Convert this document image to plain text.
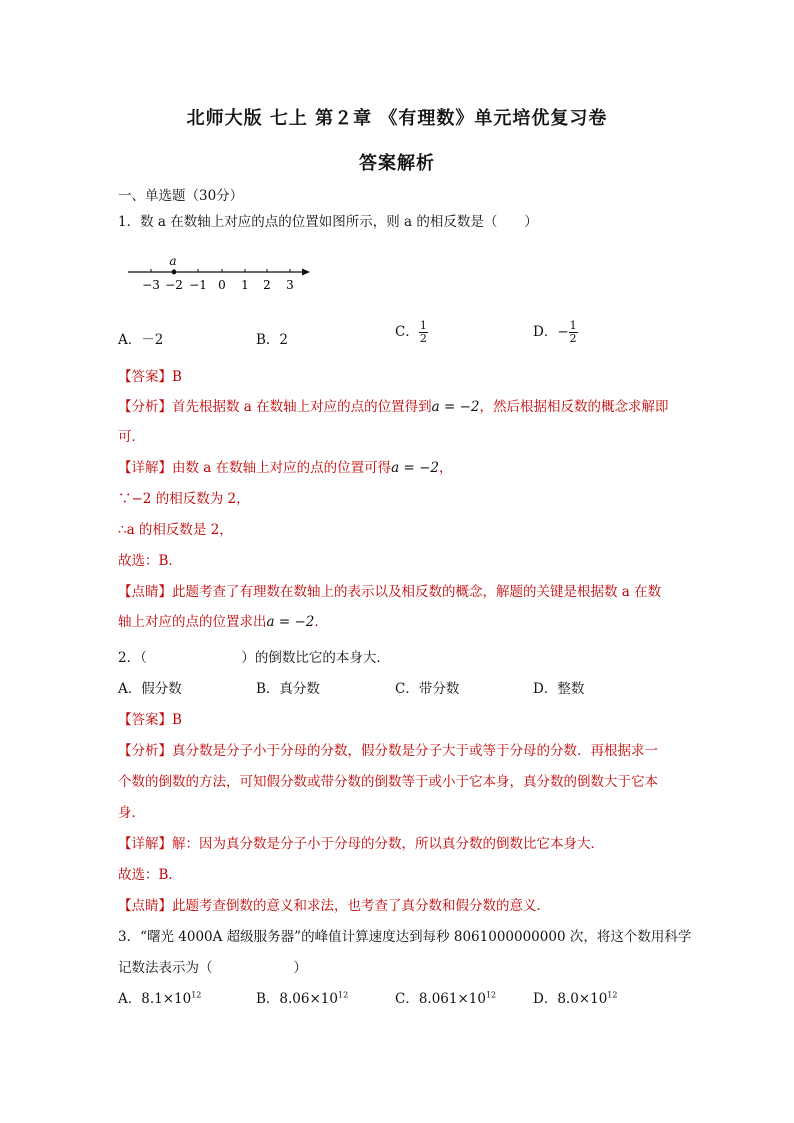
北师大版 七上 第２章 《有理数》单元培优复习卷
答案解析
一、单选题（30分）
1．数 a 在数轴上对应的点的位置如图所示，则 a 的相反数是（　　）
a
−3 −2 −1 0 1 2 3
A．－2	B．2	C． $\frac{1}{2}$	D．− $\frac{1}{2}$
【答案】B
【分析】首先根据数 a 在数轴上对应的点的位置得到a = −2，然后根据相反数的概念求解即
可．
【详解】由数 a 在数轴上对应的点的位置可得a = −2，
∵−2 的相反数为 2，
∴a 的相反数是 2，
故选：B．
【点睛】此题考查了有理数在数轴上的表示以及相反数的概念，解题的关键是根据数 a 在数
轴上对应的点的位置求出a = −2．
2．（　　　　　　　）的倒数比它的本身大．
A．假分数	B．真分数	C．带分数	D．整数
【答案】B
【分析】真分数是分子小于分母的分数，假分数是分子大于或等于分母的分数．再根据求一
个数的倒数的方法，可知假分数或带分数的倒数等于或小于它本身，真分数的倒数大于它本
身．
【详解】解：因为真分数是分子小于分母的分数，所以真分数的倒数比它本身大．
故选：B．
【点睛】此题考查倒数的意义和求法，也考查了真分数和假分数的意义．
3．“曙光 4000A 超级服务器”的峰值计算速度达到每秒 8061000000000 次，将这个数用科学
记数法表示为（　　　　　　）
A．$8.1\times 10^{12}$	B．$8.06\times 10^{12}$	C．$8.061\times 10^{12}$	D．$8.0\times 10^{12}$
